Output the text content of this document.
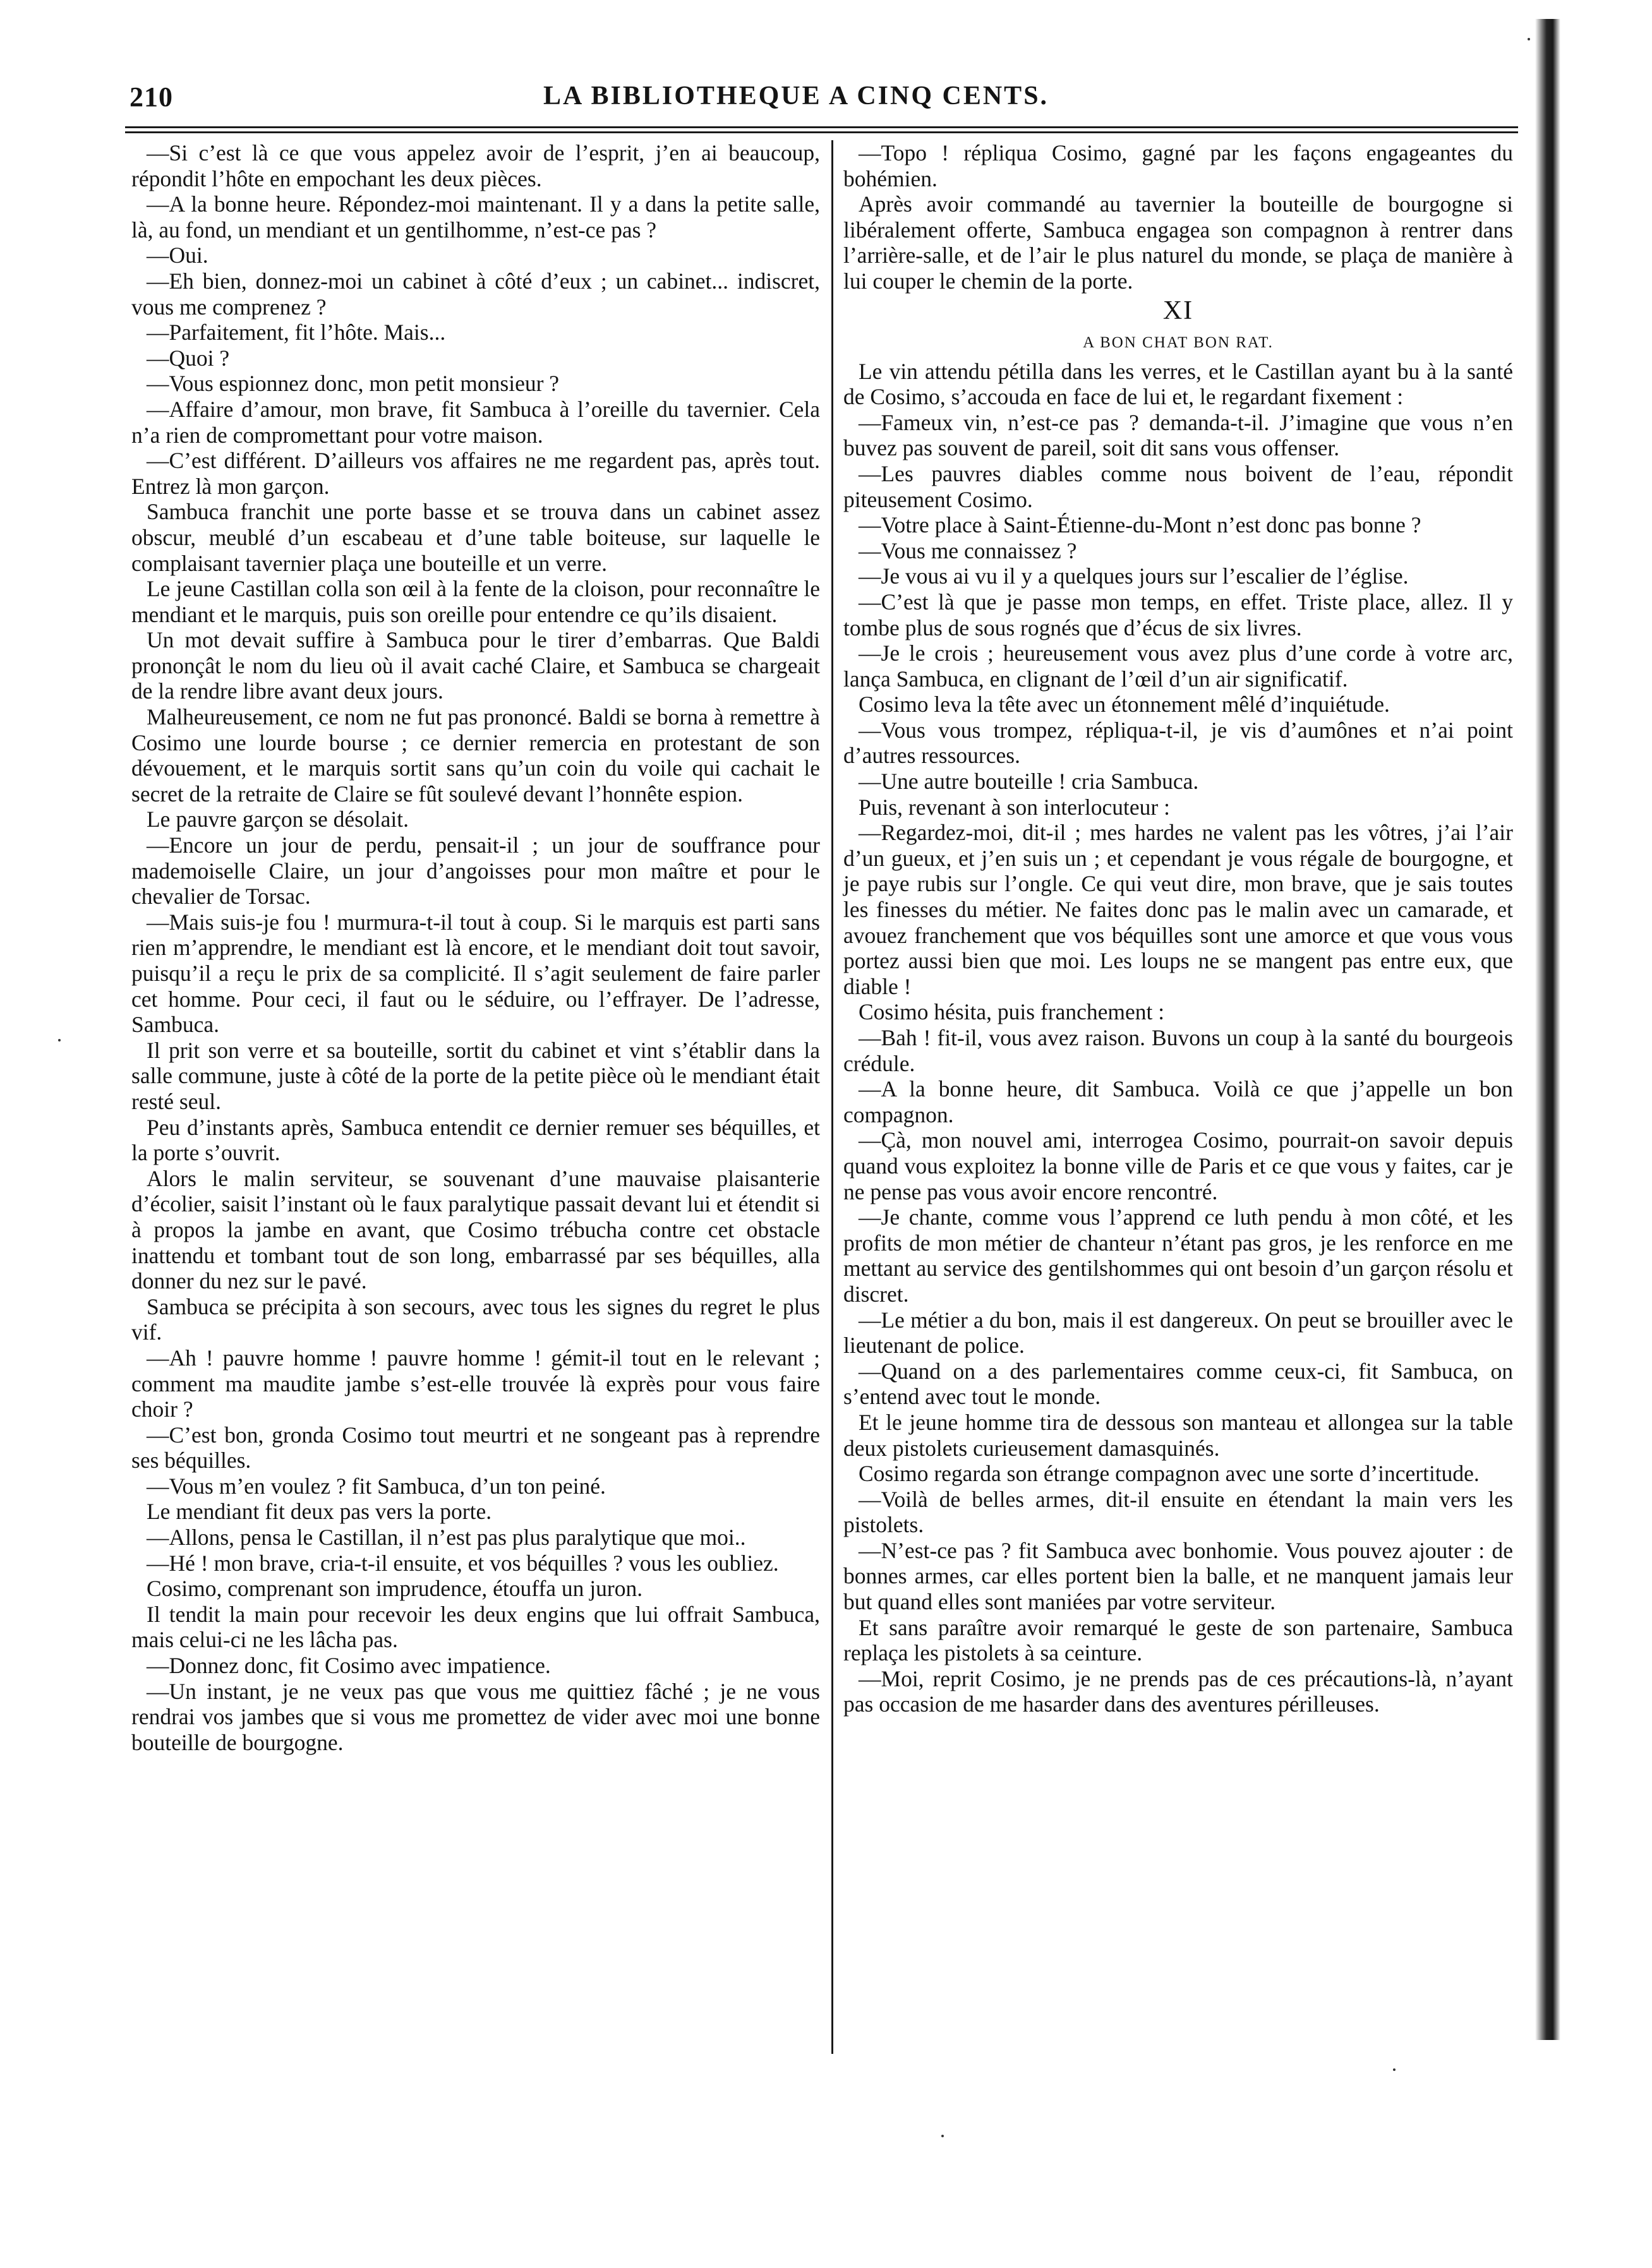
210	LA BIBLIOTHEQUE A CINQ CENTS.

—Si c’est là ce que vous appelez avoir de l’esprit, j’en ai beaucoup, répondit l’hôte en empochant les deux pièces.

—A la bonne heure. Répondez-moi maintenant. Il y a dans la petite salle, là, au fond, un mendiant et un gentilhomme, n’est-ce pas ?

—Oui.

—Eh bien, donnez-moi un cabinet à côté d’eux ; un cabinet... indiscret, vous me comprenez ?

—Parfaitement, fit l’hôte. Mais...

—Quoi ?

—Vous espionnez donc, mon petit monsieur ?

—Affaire d’amour, mon brave, fit Sambuca à l’oreille du tavernier. Cela n’a rien de compromettant pour votre maison.

—C’est différent. D’ailleurs vos affaires ne me regardent pas, après tout. Entrez là mon garçon.

Sambuca franchit une porte basse et se trouva dans un cabinet assez obscur, meublé d’un escabeau et d’une table boiteuse, sur laquelle le complaisant tavernier plaça une bouteille et un verre.

Le jeune Castillan colla son œil à la fente de la cloison, pour reconnaître le mendiant et le marquis, puis son oreille pour entendre ce qu’ils disaient.

Un mot devait suffire à Sambuca pour le tirer d’embarras. Que Baldi prononçât le nom du lieu où il avait caché Claire, et Sambuca se chargeait de la rendre libre avant deux jours.

Malheureusement, ce nom ne fut pas prononcé. Baldi se borna à remettre à Cosimo une lourde bourse ; ce dernier remercia en protestant de son dévouement, et le marquis sortit sans qu’un coin du voile qui cachait le secret de la retraite de Claire se fût soulevé devant l’honnête espion.

Le pauvre garçon se désolait.

—Encore un jour de perdu, pensait-il ; un jour de souffrance pour mademoiselle Claire, un jour d’angoisses pour mon maître et pour le chevalier de Torsac.

—Mais suis-je fou ! murmura-t-il tout à coup. Si le marquis est parti sans rien m’apprendre, le mendiant est là encore, et le mendiant doit tout savoir, puisqu’il a reçu le prix de sa complicité. Il s’agit seulement de faire parler cet homme. Pour ceci, il faut ou le séduire, ou l’effrayer. De l’adresse, Sambuca.

Il prit son verre et sa bouteille, sortit du cabinet et vint s’établir dans la salle commune, juste à côté de la porte de la petite pièce où le mendiant était resté seul.

Peu d’instants après, Sambuca entendit ce dernier remuer ses béquilles, et la porte s’ouvrit.

Alors le malin serviteur, se souvenant d’une mauvaise plaisanterie d’écolier, saisit l’instant où le faux paralytique passait devant lui et étendit si à propos la jambe en avant, que Cosimo trébucha contre cet obstacle inattendu et tombant tout de son long, embarrassé par ses béquilles, alla donner du nez sur le pavé.

Sambuca se précipita à son secours, avec tous les signes du regret le plus vif.

—Ah ! pauvre homme ! pauvre homme ! gémit-il tout en le relevant ; comment ma maudite jambe s’est-elle trouvée là exprès pour vous faire choir ?

—C’est bon, gronda Cosimo tout meurtri et ne songeant pas à reprendre ses béquilles.

—Vous m’en voulez ? fit Sambuca, d’un ton peiné.

Le mendiant fit deux pas vers la porte.

—Allons, pensa le Castillan, il n’est pas plus paralytique que moi..

—Hé ! mon brave, cria-t-il ensuite, et vos béquilles ? vous les oubliez.

Cosimo, comprenant son imprudence, étouffa un juron.

Il tendit la main pour recevoir les deux engins que lui offrait Sambuca, mais celui-ci ne les lâcha pas.

—Donnez donc, fit Cosimo avec impatience.

—Un instant, je ne veux pas que vous me quittiez fâché ; je ne vous rendrai vos jambes que si vous me promettez de vider avec moi une bonne bouteille de bourgogne.

—Topo ! répliqua Cosimo, gagné par les façons engageantes du bohémien.

Après avoir commandé au tavernier la bouteille de bourgogne si libéralement offerte, Sambuca engagea son compagnon à rentrer dans l’arrière-salle, et de l’air le plus naturel du monde, se plaça de manière à lui couper le chemin de la porte.

XI

A BON CHAT BON RAT.

Le vin attendu pétilla dans les verres, et le Castillan ayant bu à la santé de Cosimo, s’accouda en face de lui et, le regardant fixement :

—Fameux vin, n’est-ce pas ? demanda-t-il. J’imagine que vous n’en buvez pas souvent de pareil, soit dit sans vous offenser.

—Les pauvres diables comme nous boivent de l’eau, répondit piteusement Cosimo.

—Votre place à Saint-Étienne-du-Mont n’est donc pas bonne ?

—Vous me connaissez ?

—Je vous ai vu il y a quelques jours sur l’escalier de l’église.

—C’est là que je passe mon temps, en effet. Triste place, allez. Il y tombe plus de sous rognés que d’écus de six livres.

—Je le crois ; heureusement vous avez plus d’une corde à votre arc, lança Sambuca, en clignant de l’œil d’un air significatif.

Cosimo leva la tête avec un étonnement mêlé d’inquiétude.

—Vous vous trompez, répliqua-t-il, je vis d’aumônes et n’ai point d’autres ressources.

—Une autre bouteille ! cria Sambuca.

Puis, revenant à son interlocuteur :

—Regardez-moi, dit-il ; mes hardes ne valent pas les vôtres, j’ai l’air d’un gueux, et j’en suis un ; et cependant je vous régale de bourgogne, et je paye rubis sur l’ongle. Ce qui veut dire, mon brave, que je sais toutes les finesses du métier. Ne faites donc pas le malin avec un camarade, et avouez franchement que vos béquilles sont une amorce et que vous vous portez aussi bien que moi. Les loups ne se mangent pas entre eux, que diable !

Cosimo hésita, puis franchement :

—Bah ! fit-il, vous avez raison. Buvons un coup à la santé du bourgeois crédule.

—A la bonne heure, dit Sambuca. Voilà ce que j’appelle un bon compagnon.

—Çà, mon nouvel ami, interrogea Cosimo, pourrait-on savoir depuis quand vous exploitez la bonne ville de Paris et ce que vous y faites, car je ne pense pas vous avoir encore rencontré.

—Je chante, comme vous l’apprend ce luth pendu à mon côté, et les profits de mon métier de chanteur n’étant pas gros, je les renforce en me mettant au service des gentilshommes qui ont besoin d’un garçon résolu et discret.

—Le métier a du bon, mais il est dangereux. On peut se brouiller avec le lieutenant de police.

—Quand on a des parlementaires comme ceux-ci, fit Sambuca, on s’entend avec tout le monde.

Et le jeune homme tira de dessous son manteau et allongea sur la table deux pistolets curieusement damasquinés.

Cosimo regarda son étrange compagnon avec une sorte d’incertitude.

—Voilà de belles armes, dit-il ensuite en étendant la main vers les pistolets.

—N’est-ce pas ? fit Sambuca avec bonhomie. Vous pouvez ajouter : de bonnes armes, car elles portent bien la balle, et ne manquent jamais leur but quand elles sont maniées par votre serviteur.

Et sans paraître avoir remarqué le geste de son partenaire, Sambuca replaça les pistolets à sa ceinture.

—Moi, reprit Cosimo, je ne prends pas de ces précautions-là, n’ayant pas occasion de me hasarder dans des aventures périlleuses.
